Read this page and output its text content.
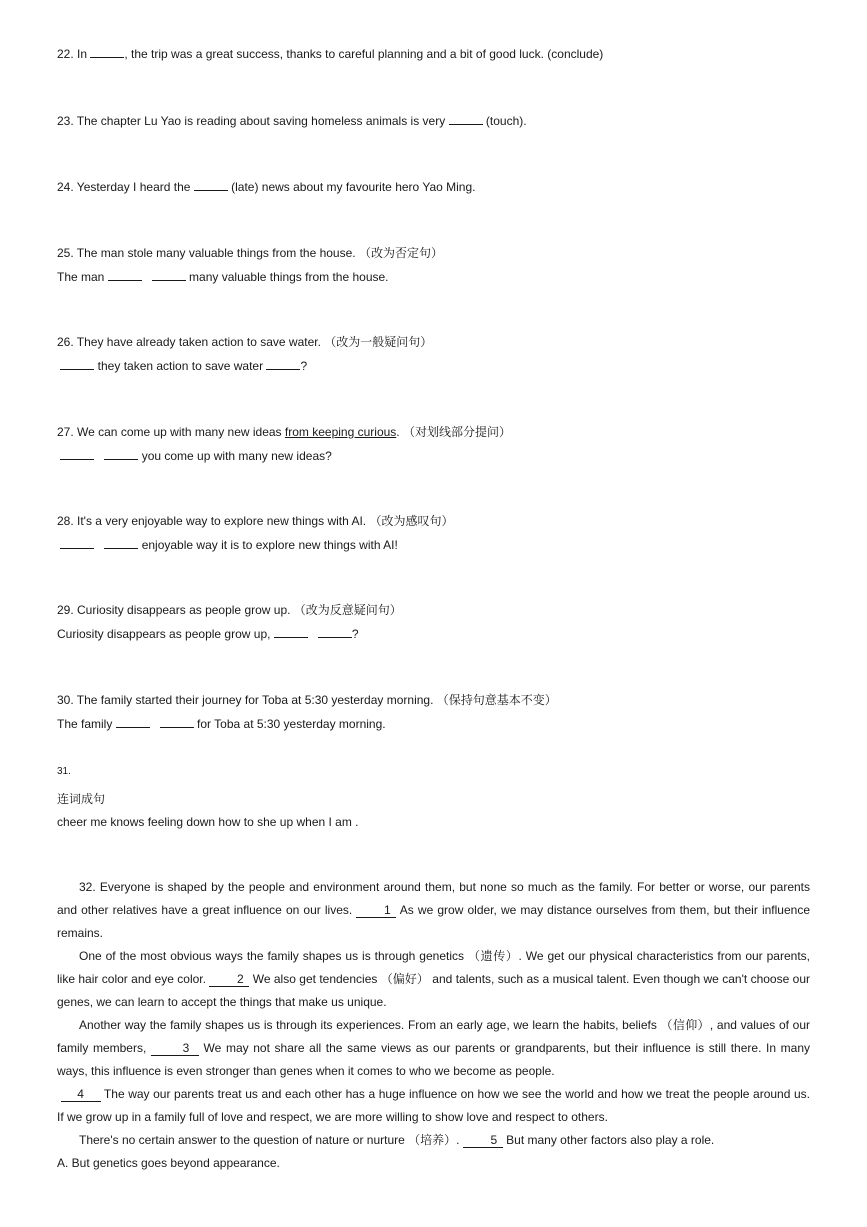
22. In	, the trip was a great success, thanks to careful planning and a bit of good luck. (conclude)
23. The chapter Lu Yao is reading about saving homeless animals is very	(touch).
24. Yesterday I heard the	(late) news about my favourite hero Yao Ming.
25. The man stole many valuable things from the house. （改为否定句）
The man	many valuable things from the house.
26. They have already taken action to save water. （改为一般疑问句）
they taken action to save water	?
27. We can come up with many new ideas from keeping curious. （对划线部分提问）
you come up with many new ideas?
28. It's a very enjoyable way to explore new things with AI. （改为感叹句）
enjoyable way it is to explore new things with AI!
29. Curiosity disappears as people grow up. （改为反意疑问句）
Curiosity disappears as people grow up,	?
30. The family started their journey for Toba at 5:30 yesterday morning. （保持句意基本不变）
The family	for Toba at 5:30 yesterday morning.
31.
连词成句
cheer me knows feeling down how to she up when I am .
32. Everyone is shaped by the people and environment around them, but none so much as the family. For better or worse, our parents and other relatives have a great influence on our lives. 1 As we grow older, we may distance ourselves from them, but their influence remains.
One of the most obvious ways the family shapes us is through genetics （遗传）. We get our physical characteristics from our parents, like hair color and eye color. 2 We also get tendencies （偏好） and talents, such as a musical talent. Even though we can't choose our genes, we can learn to accept the things that make us unique.
Another way the family shapes us is through its experiences. From an early age, we learn the habits, beliefs （信仰）, and values of our family members,	3 We may not share all the same views as our parents or grandparents, but their influence is still there. In many ways, this influence is even stronger than genes when it comes to who we become as people.
4 The way our parents treat us and each other has a huge influence on how we see the world and how we treat the people around us. If we grow up in a family full of love and respect, we are more willing to show love and respect to others.
There's no certain answer to the question of nature or nurture （培养）. 5 But many other factors also play a role.
A. But genetics goes beyond appearance.
